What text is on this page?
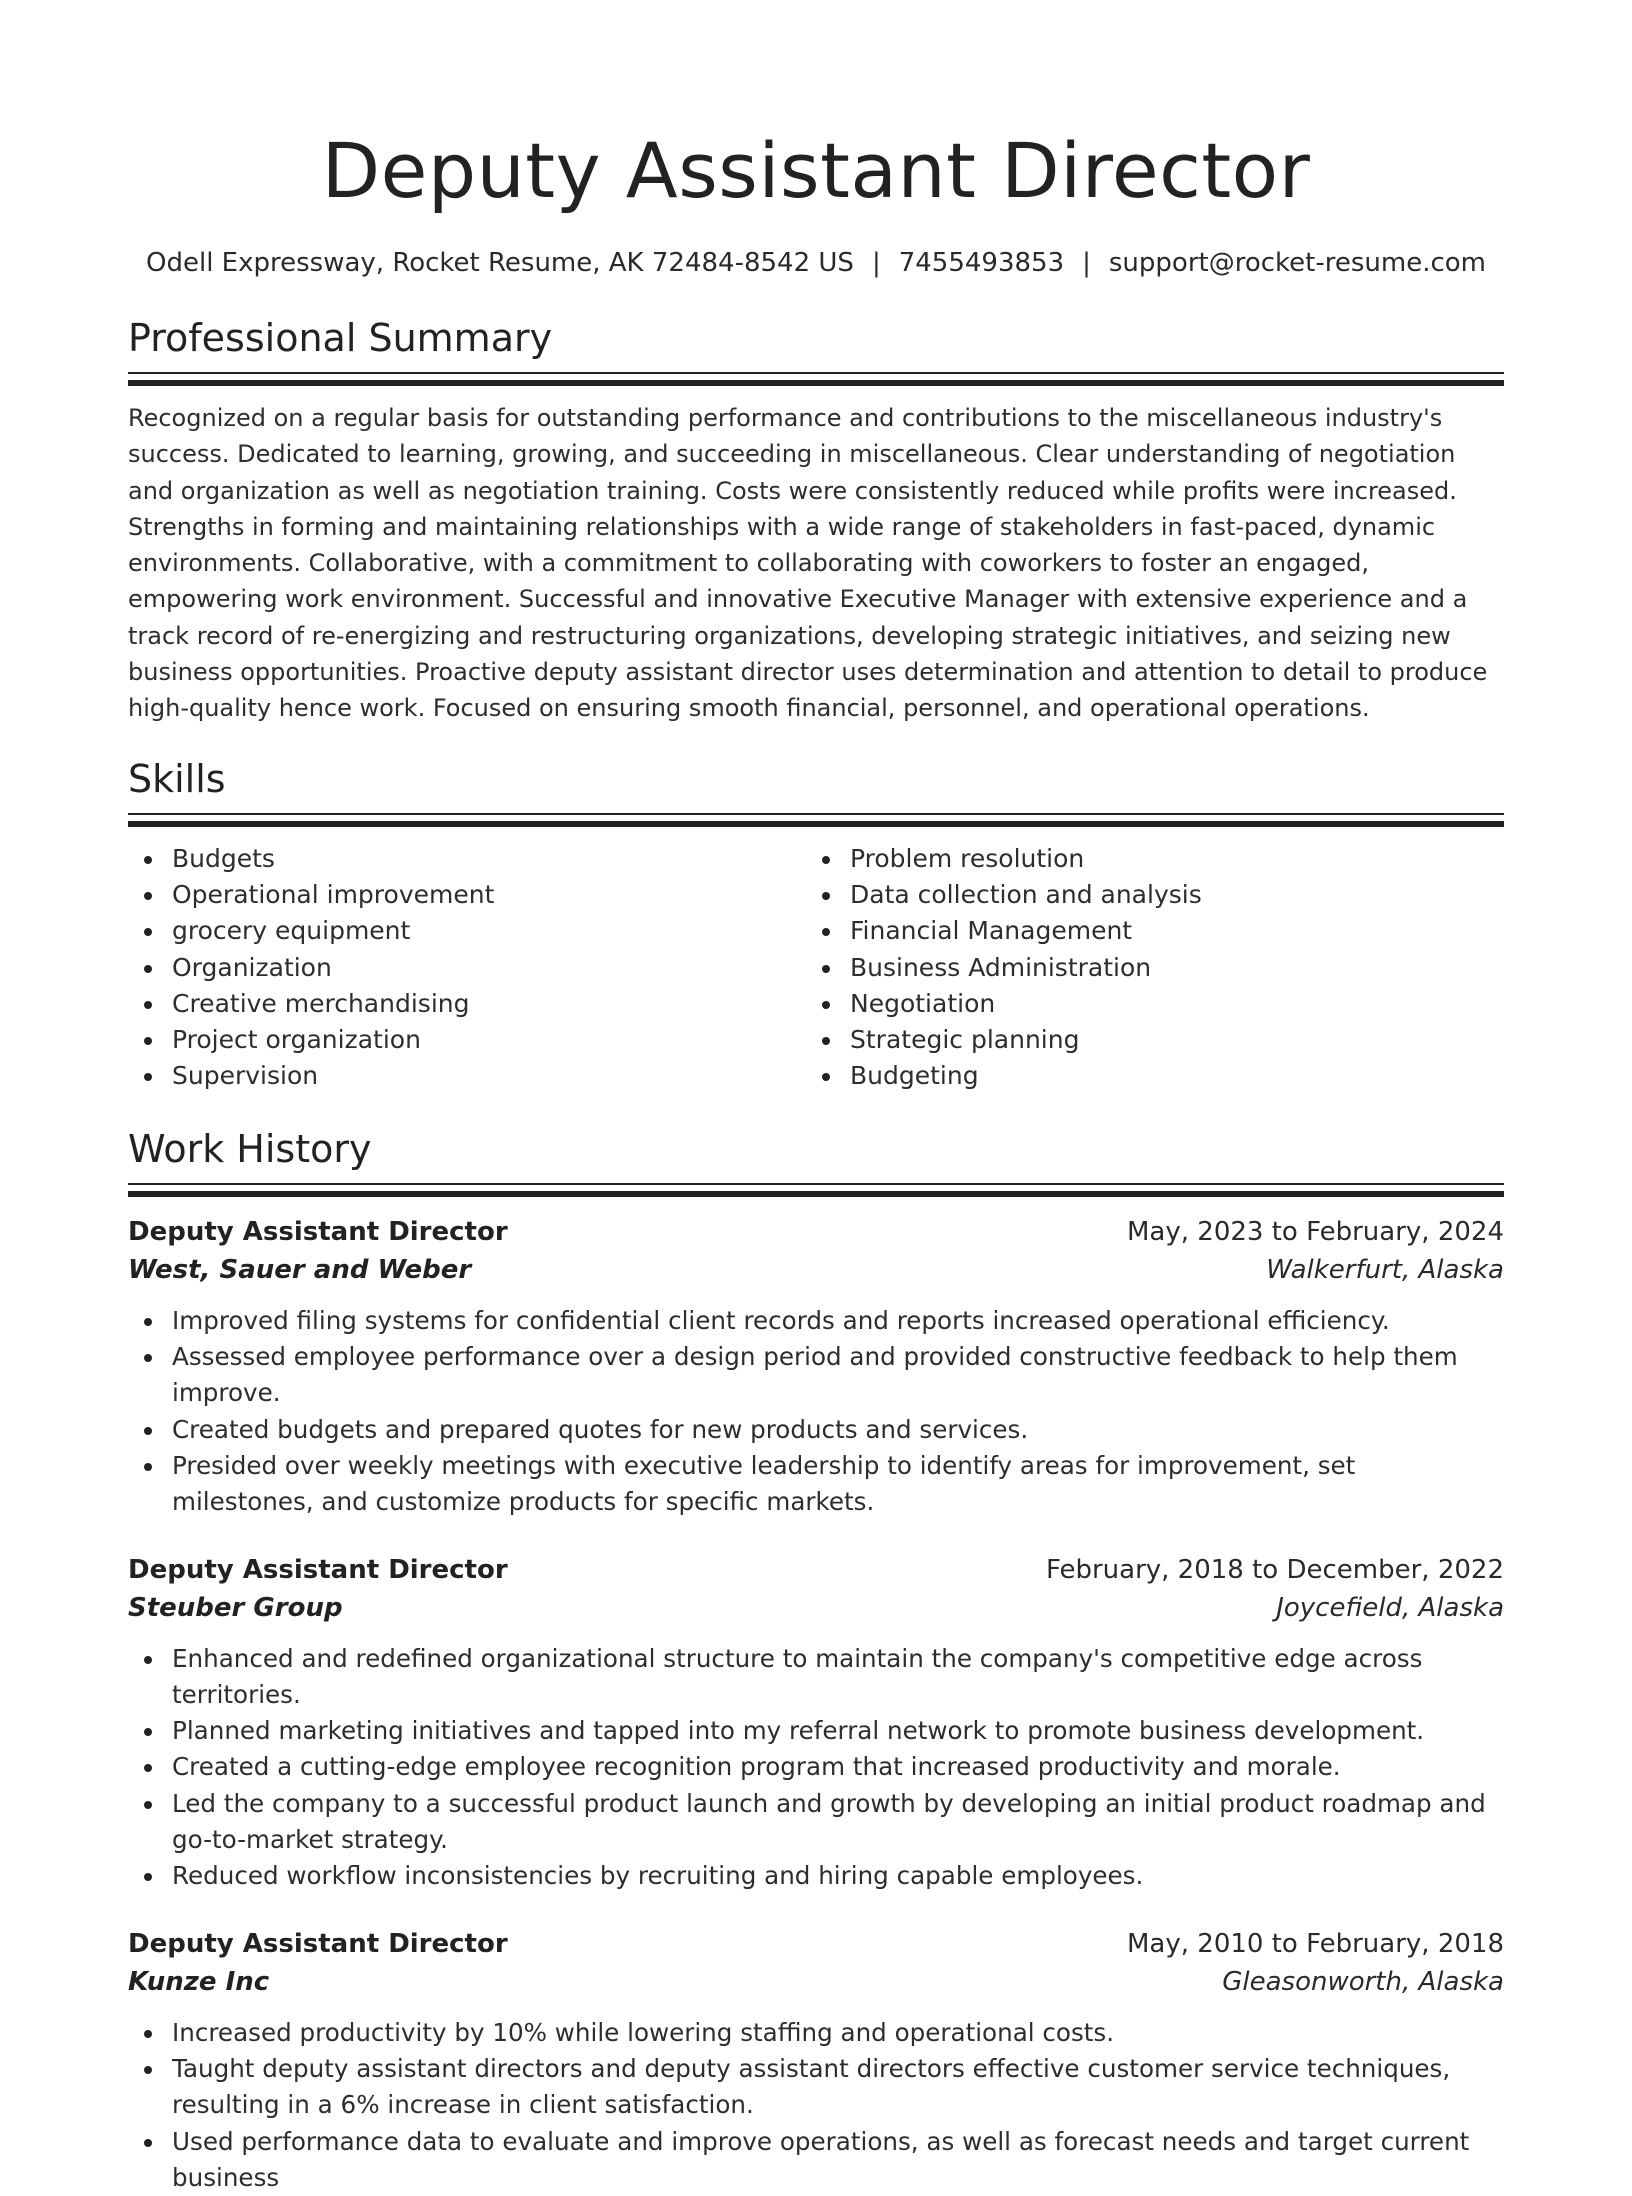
Deputy Assistant Director
Odell Expressway, Rocket Resume, AK 72484-8542 US | 7455493853 | support@rocket-resume.com
Professional Summary
Recognized on a regular basis for outstanding performance and contributions to the miscellaneous industry's success. Dedicated to learning, growing, and succeeding in miscellaneous. Clear understanding of negotiation and organization as well as negotiation training. Costs were consistently reduced while profits were increased. Strengths in forming and maintaining relationships with a wide range of stakeholders in fast-paced, dynamic environments. Collaborative, with a commitment to collaborating with coworkers to foster an engaged, empowering work environment. Successful and innovative Executive Manager with extensive experience and a track record of re-energizing and restructuring organizations, developing strategic initiatives, and seizing new business opportunities. Proactive deputy assistant director uses determination and attention to detail to produce high-quality hence work. Focused on ensuring smooth financial, personnel, and operational operations.
Skills
Budgets
Operational improvement
grocery equipment
Organization
Creative merchandising
Project organization
Supervision
Problem resolution
Data collection and analysis
Financial Management
Business Administration
Negotiation
Strategic planning
Budgeting
Work History
Deputy Assistant Director	May, 2023 to February, 2024
West, Sauer and Weber	Walkerfurt, Alaska
Improved filing systems for confidential client records and reports increased operational efficiency.
Assessed employee performance over a design period and provided constructive feedback to help them improve.
Created budgets and prepared quotes for new products and services.
Presided over weekly meetings with executive leadership to identify areas for improvement, set milestones, and customize products for specific markets.
Deputy Assistant Director	February, 2018 to December, 2022
Steuber Group	Joycefield, Alaska
Enhanced and redefined organizational structure to maintain the company's competitive edge across territories.
Planned marketing initiatives and tapped into my referral network to promote business development.
Created a cutting-edge employee recognition program that increased productivity and morale.
Led the company to a successful product launch and growth by developing an initial product roadmap and go-to-market strategy.
Reduced workflow inconsistencies by recruiting and hiring capable employees.
Deputy Assistant Director	May, 2010 to February, 2018
Kunze Inc	Gleasonworth, Alaska
Increased productivity by 10% while lowering staffing and operational costs.
Taught deputy assistant directors and deputy assistant directors effective customer service techniques, resulting in a 6% increase in client satisfaction.
Used performance data to evaluate and improve operations, as well as forecast needs and target current business
